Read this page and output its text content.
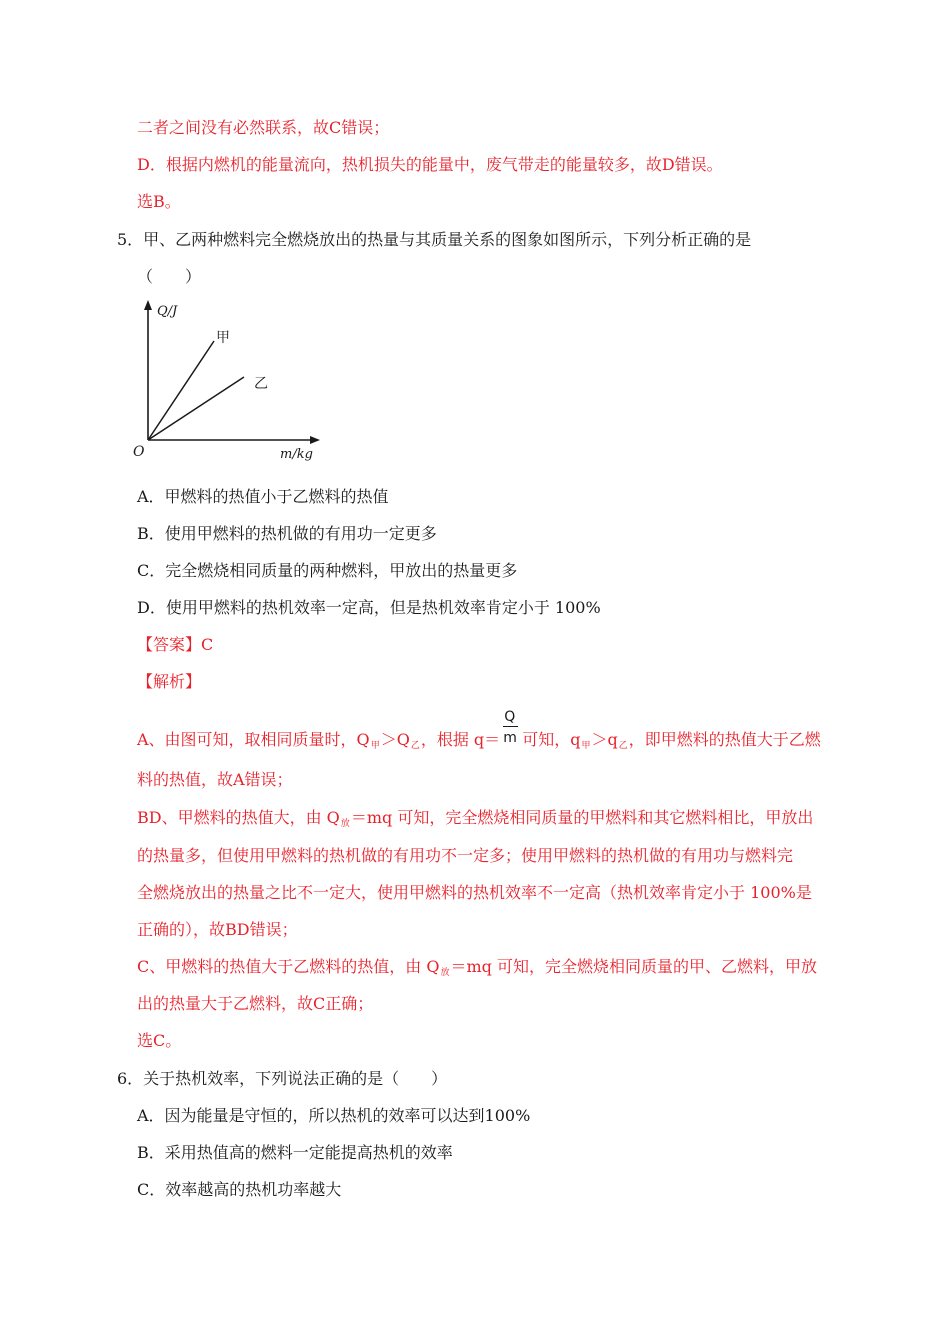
二者之间没有必然联系，故C错误；
D．根据内燃机的能量流向，热机损失的能量中，废气带走的能量较多，故D错误。
选B。
5．甲、乙两种燃料完全燃烧放出的热量与其质量关系的图象如图所示，下列分析正确的是
（　　）
Q/J
m/kg
O
甲
乙
A．甲燃料的热值小于乙燃料的热值
B．使用甲燃料的热机做的有用功一定更多
C．完全燃烧相同质量的两种燃料，甲放出的热量更多
D．使用甲燃料的热机效率一定高，但是热机效率肯定小于 100%
【答案】C
【解析】
A、由图可知，取相同质量时，Q甲＞Q乙，根据 $q= \frac{Q}{m}$ 可知，q甲＞q乙，即甲燃料的热值大于乙燃
料的热值，故A错误；
BD、甲燃料的热值大，由 Q放＝mq 可知，完全燃烧相同质量的甲燃料和其它燃料相比，甲放出
的热量多，但使用甲燃料的热机做的有用功不一定多；使用甲燃料的热机做的有用功与燃料完
全燃烧放出的热量之比不一定大，使用甲燃料的热机效率不一定高（热机效率肯定小于 100%是
正确的），故BD错误；
C、甲燃料的热值大于乙燃料的热值，由 Q放＝mq 可知，完全燃烧相同质量的甲、乙燃料，甲放
出的热量大于乙燃料，故C正确；
选C。
6．关于热机效率，下列说法正确的是（　　）
A．因为能量是守恒的，所以热机的效率可以达到100%
B．采用热值高的燃料一定能提高热机的效率
C．效率越高的热机功率越大
